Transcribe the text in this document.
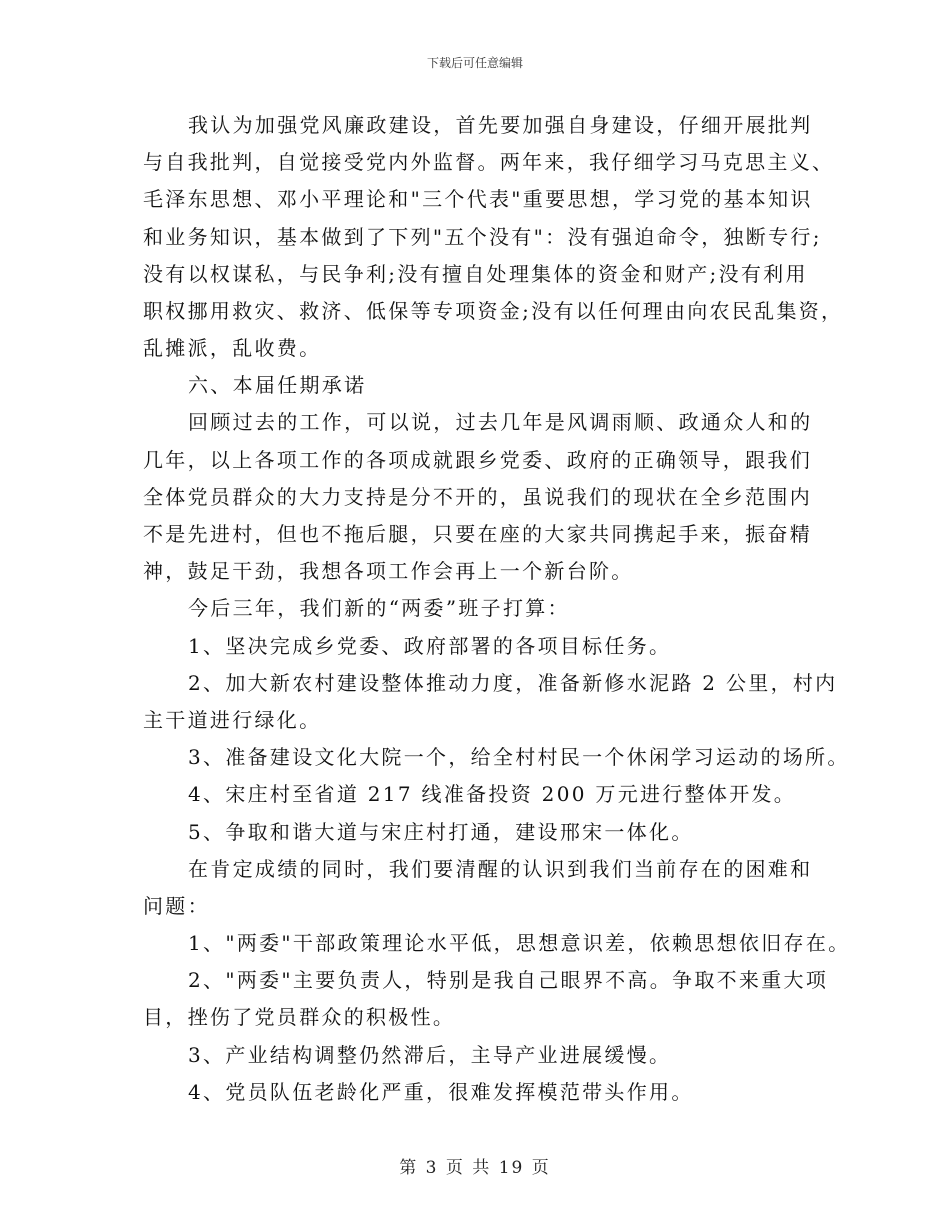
下载后可任意编辑
我认为加强党风廉政建设，首先要加强自身建设，仔细开展批判
与自我批判，自觉接受党内外监督。两年来，我仔细学习马克思主义、
毛泽东思想、邓小平理论和"三个代表"重要思想，学习党的基本知识
和业务知识，基本做到了下列"五个没有"：没有强迫命令，独断专行;
没有以权谋私，与民争利;没有擅自处理集体的资金和财产;没有利用
职权挪用救灾、救济、低保等专项资金;没有以任何理由向农民乱集资，
乱摊派，乱收费。
六、本届任期承诺
回顾过去的工作，可以说，过去几年是风调雨顺、政通众人和的
几年，以上各项工作的各项成就跟乡党委、政府的正确领导，跟我们
全体党员群众的大力支持是分不开的，虽说我们的现状在全乡范围内
不是先进村，但也不拖后腿，只要在座的大家共同携起手来，振奋精
神，鼓足干劲，我想各项工作会再上一个新台阶。
今后三年，我们新的“两委”班子打算：
1、坚决完成乡党委、政府部署的各项目标任务。
2、加大新农村建设整体推动力度，准备新修水泥路 2 公里，村内
主干道进行绿化。
3、准备建设文化大院一个，给全村村民一个休闲学习运动的场所。
4、宋庄村至省道 217 线准备投资 200 万元进行整体开发。
5、争取和谐大道与宋庄村打通，建设邢宋一体化。
在肯定成绩的同时，我们要清醒的认识到我们当前存在的困难和
问题：
1、"两委"干部政策理论水平低，思想意识差，依赖思想依旧存在。
2、"两委"主要负责人，特别是我自己眼界不高。争取不来重大项
目，挫伤了党员群众的积极性。
3、产业结构调整仍然滞后，主导产业进展缓慢。
4、党员队伍老龄化严重，很难发挥模范带头作用。
第 3 页 共 19 页
